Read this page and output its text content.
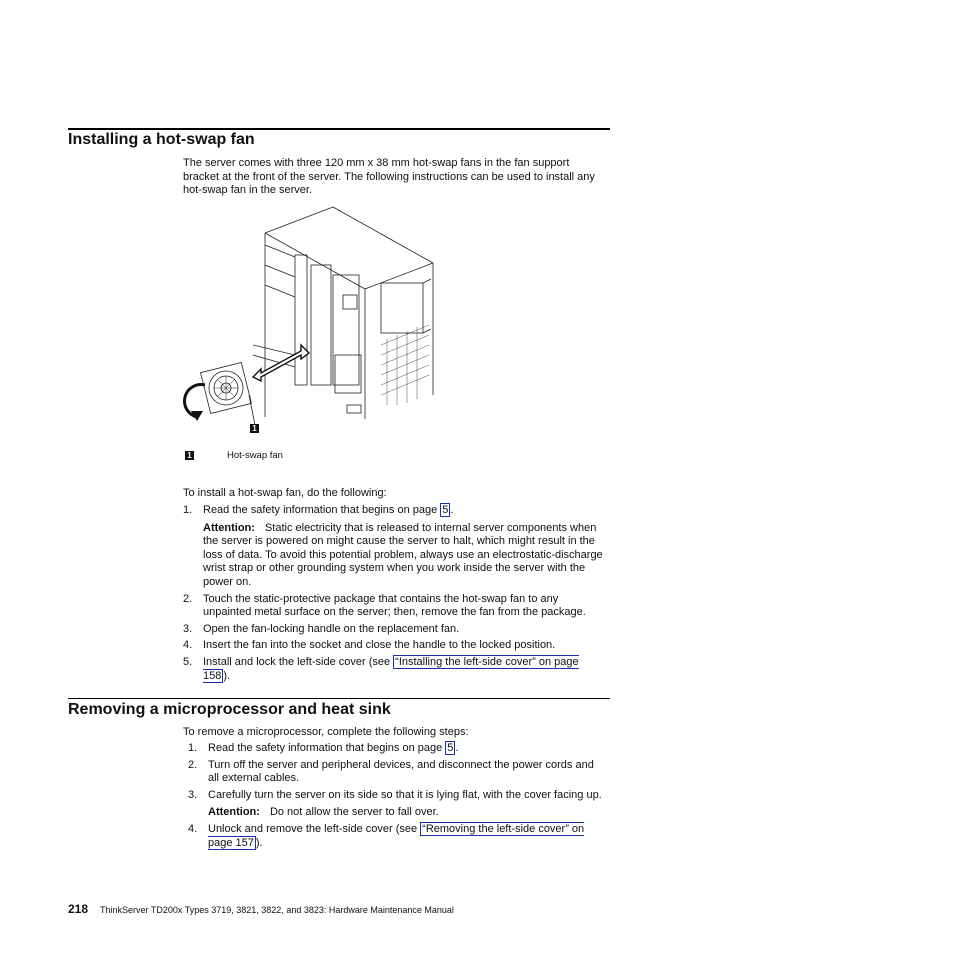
Installing a hot-swap fan

The server comes with three 120 mm x 38 mm hot-swap fans in the fan support bracket at the front of the server. The following instructions can be used to install any hot-swap fan in the server.

1
1	Hot-swap fan

To install a hot-swap fan, do the following:

1. Read the safety information that begins on page 5 .
Attention: Static electricity that is released to internal server components when the server is powered on might cause the server to halt, which might result in the loss of data. To avoid this potential problem, always use an electrostatic-discharge wrist strap or other grounding system when you work inside the server with the power on.
2. Touch the static-protective package that contains the hot-swap fan to any unpainted metal surface on the server; then, remove the fan from the package.
3. Open the fan-locking handle on the replacement fan.
4. Insert the fan into the socket and close the handle to the locked position.
5. Install and lock the left-side cover (see “Installing the left-side cover” on page 158 ).
Removing a microprocessor and heat sink

To remove a microprocessor, complete the following steps:

1. Read the safety information that begins on page 5 .
2. Turn off the server and peripheral devices, and disconnect the power cords and all external cables.
3. Carefully turn the server on its side so that it is lying flat, with the cover facing up.
Attention: Do not allow the server to fall over.
4. Unlock and remove the left-side cover (see “Removing the left-side cover” on page 157 ).
218 ThinkServer TD200x Types 3719, 3821, 3822, and 3823: Hardware Maintenance Manual
